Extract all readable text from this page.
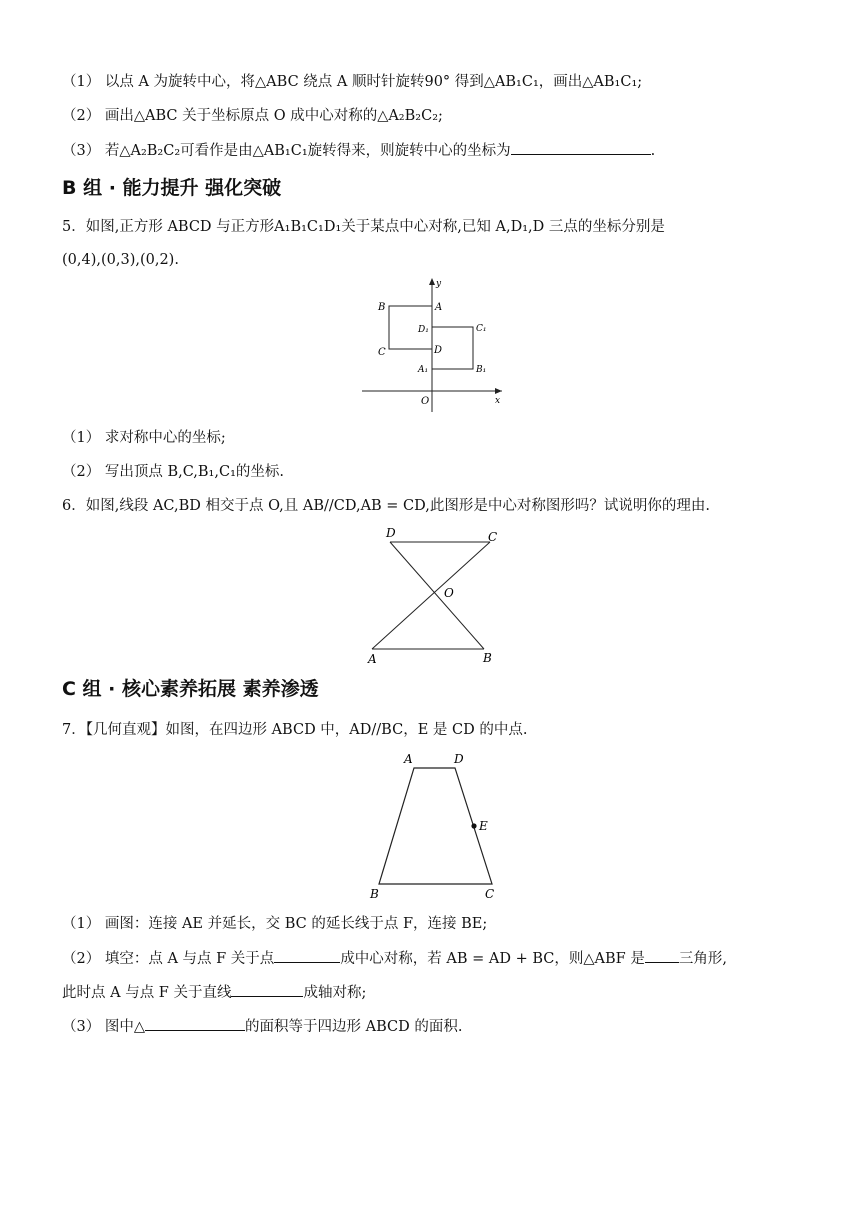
（1） 以点 A 为旋转中心，将△ABC 绕点 A 顺时针旋转90° 得到△AB₁C₁，画出△AB₁C₁;
（2） 画出△ABC 关于坐标原点 O 成中心对称的△A₂B₂C₂;
（3） 若△A₂B₂C₂可看作是由△AB₁C₁旋转得来，则旋转中心的坐标为	.
B 组 · 能力提升 强化突破
5．如图,正方形 ABCD 与正方形A₁B₁C₁D₁关于某点中心对称,已知 A,D₁,D 三点的坐标分别是
(0,4),(0,3),(0,2).
y
x
O
A
B
C	D
D₁	C₁
A₁	B₁
（1） 求对称中心的坐标;
（2） 写出顶点 B,C,B₁,C₁的坐标.
6．如图,线段 AC,BD 相交于点 O,且 AB//CD,AB = CD,此图形是中心对称图形吗？试说明你的理由.
D	C
O
A	B
C 组 · 核心素养拓展 素养渗透
7．【几何直观】如图，在四边形 ABCD 中，AD//BC，E 是 CD 的中点.
A	D
E
B	C
（1） 画图：连接 AE 并延长，交 BC 的延长线于点 F，连接 BE;
（2） 填空：点 A 与点 F 关于点	成中心对称，若 AB = AD + BC，则△ABF 是 三角形,
此时点 A 与点 F 关于直线	成轴对称;
（3） 图中△	的面积等于四边形 ABCD 的面积.
